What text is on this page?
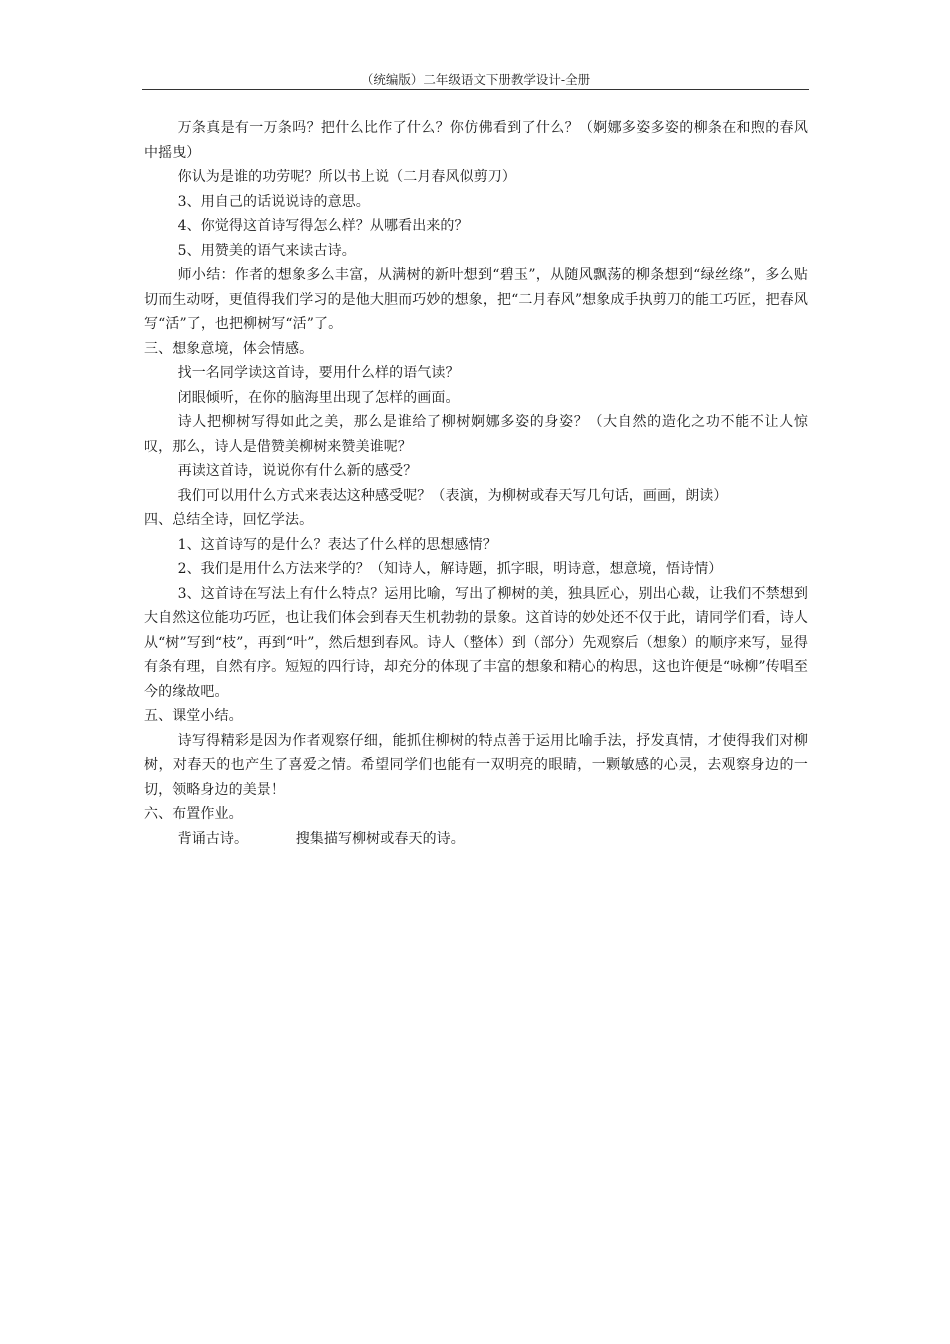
（统编版）二年级语文下册教学设计-全册

万条真是有一万条吗？把什么比作了什么？你仿佛看到了什么？（婀娜多姿多姿的柳条在和煦的春风中摇曳）

你认为是谁的功劳呢？所以书上说（二月春风似剪刀）

3、用自己的话说说诗的意思。

4、你觉得这首诗写得怎么样？从哪看出来的？

5、用赞美的语气来读古诗。

师小结：作者的想象多么丰富，从满树的新叶想到“碧玉”，从随风飘荡的柳条想到“绿丝绦”，多么贴切而生动呀，更值得我们学习的是他大胆而巧妙的想象，把“二月春风”想象成手执剪刀的能工巧匠，把春风写“活”了，也把柳树写“活”了。

三、想象意境，体会情感。

找一名同学读这首诗，要用什么样的语气读？

闭眼倾听，在你的脑海里出现了怎样的画面。

诗人把柳树写得如此之美，那么是谁给了柳树婀娜多姿的身姿？（大自然的造化之功不能不让人惊叹，那么，诗人是借赞美柳树来赞美谁呢？

再读这首诗，说说你有什么新的感受？

我们可以用什么方式来表达这种感受呢？（表演，为柳树或春天写几句话，画画，朗读）

四、总结全诗，回忆学法。

1、这首诗写的是什么？表达了什么样的思想感情？

2、我们是用什么方法来学的？（知诗人，解诗题，抓字眼，明诗意，想意境，悟诗情）

3、这首诗在写法上有什么特点？运用比喻，写出了柳树的美，独具匠心，别出心裁，让我们不禁想到大自然这位能功巧匠，也让我们体会到春天生机勃勃的景象。这首诗的妙处还不仅于此，请同学们看，诗人从“树”写到“枝”，再到“叶”，然后想到春风。诗人（整体）到（部分）先观察后（想象）的顺序来写，显得有条有理，自然有序。短短的四行诗，却充分的体现了丰富的想象和精心的构思，这也许便是“咏柳”传唱至今的缘故吧。

五、课堂小结。

诗写得精彩是因为作者观察仔细，能抓住柳树的特点善于运用比喻手法，抒发真情，才使得我们对柳树，对春天的也产生了喜爱之情。希望同学们也能有一双明亮的眼睛，一颗敏感的心灵，去观察身边的一切，领略身边的美景！

六、布置作业。

背诵古诗。	搜集描写柳树或春天的诗。
